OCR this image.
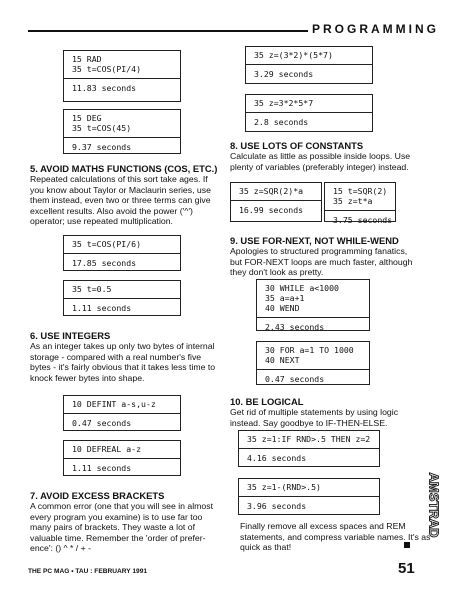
PROGRAMMING
15 RAD
35 t=COS(PI/4)
11.83 seconds
15 DEG
35 t=COS(45)
9.37 seconds
35 t=COS(PI/6)
17.85 seconds
35 t=0.5
1.11 seconds
10 DEFINT a-s,u-z
0.47 seconds
10 DEFREAL a-z
1.11 seconds
35 z=(3*2)*(5*7)
3.29 seconds
35 z=3*2*5*7
2.8 seconds
35 z=SQR(2)*a
16.99 seconds
15 t=SQR(2)
35 z=t*a
3.75 seconds
30 WHILE a<1000
35 a=a+1
40 WEND
2.43 seconds
30 FOR a=1 TO 1000
40 NEXT
0.47 seconds
35 z=1:IF RND>.5 THEN z=2
4.16 seconds
35 z=1-(RND>.5)
3.96 seconds
5. AVOID MATHS FUNCTIONS (COS, ETC.)
Repeated calculations of this sort take ages. If
you know about Taylor or Maclaurin series, use
them instead, even two or three terms can give
excellent results. Also avoid the power ('^')
operator; use repeated multiplication.
6. USE INTEGERS
As an integer takes up only two bytes of internal
storage - compared with a real number's five
bytes - it's fairly obvious that it takes less time to
knock fewer bytes into shape.
7. AVOID EXCESS BRACKETS
A common error (one that you will see in almost
every program you examine) is to use far too
many pairs of brackets. They waste a lot of
valuable time. Remember the 'order of prefer-
ence': () ^ * / + -
8. USE LOTS OF CONSTANTS
Calculate as little as possible inside loops. Use
plenty of variables (preferably integer) instead.
9. USE FOR-NEXT, NOT WHILE-WEND
Apologies to structured programming fanatics,
but FOR-NEXT loops are much faster, although
they don't look as pretty.
10. BE LOGICAL
Get rid of multiple statements by using logic
instead. Say goodbye to IF-THEN-ELSE.
Finally remove all excess spaces and REM
statements, and compress variable names. It's as
quick as that!
THE PC MAG • TAU : FEBRUARY 1991	51
AMSTRAD
